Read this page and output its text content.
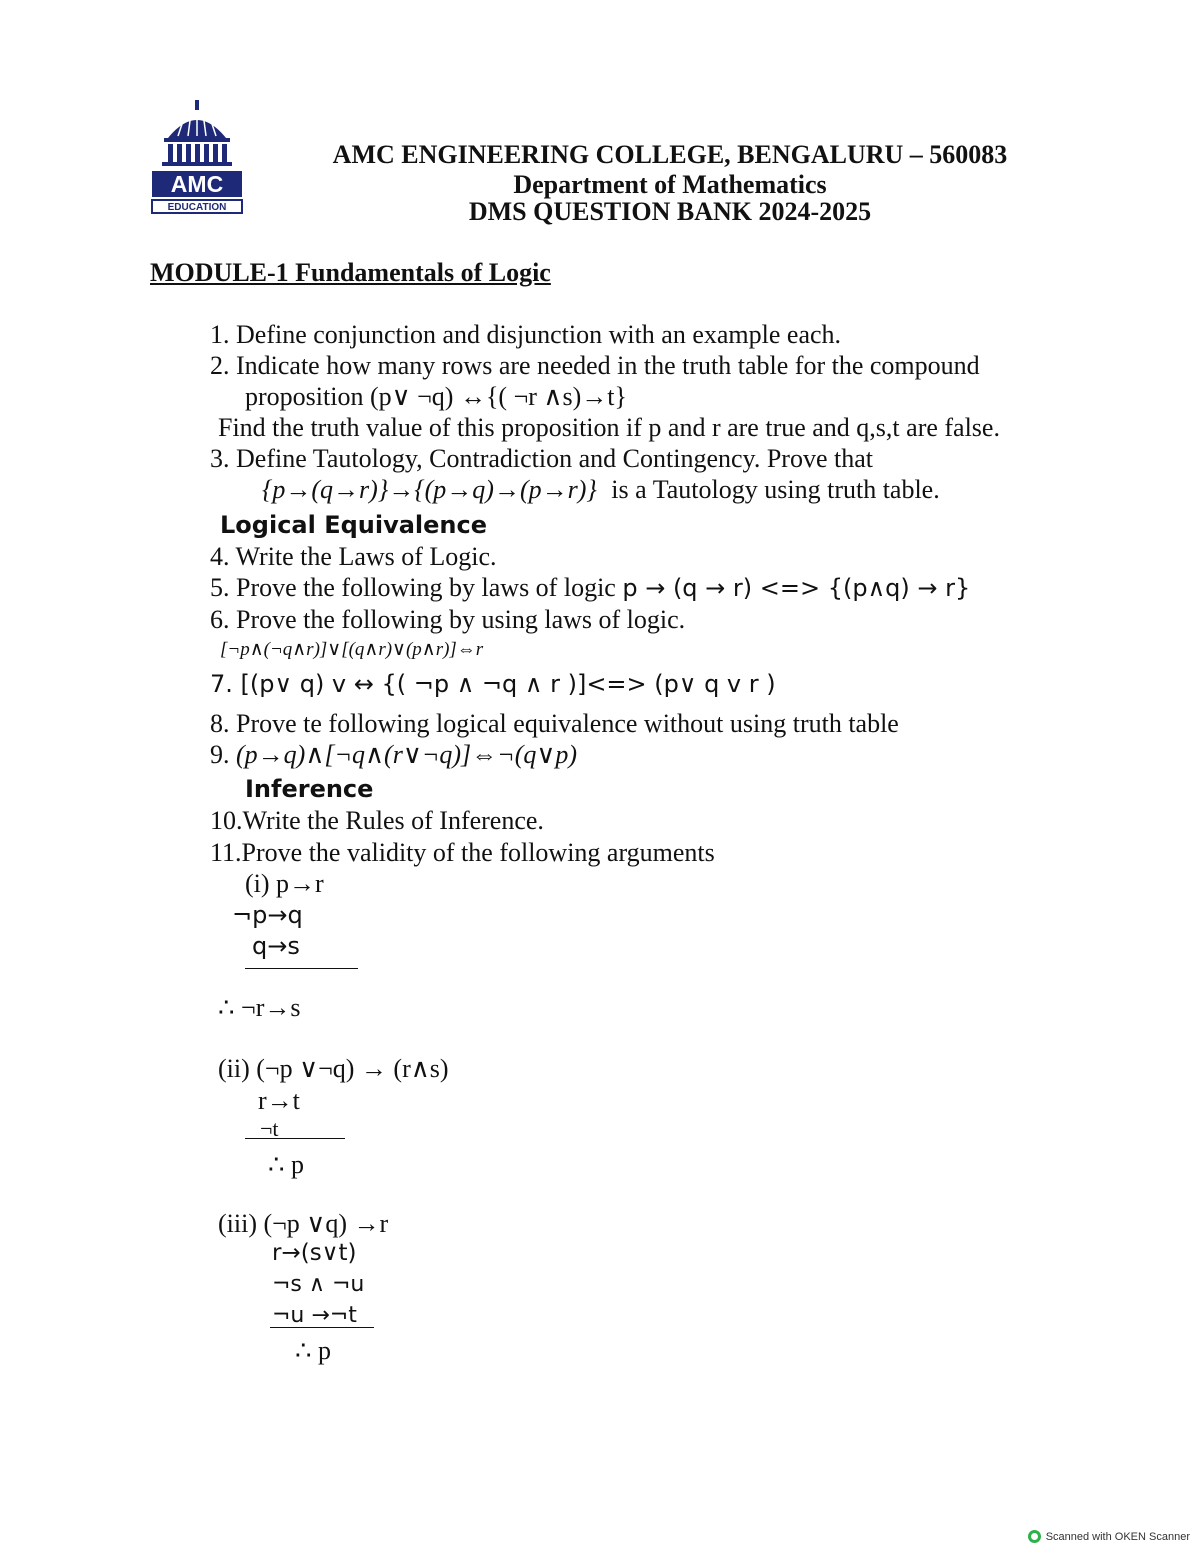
AMC
EDUCATION
AMC ENGINEERING COLLEGE, BENGALURU – 560083
Department of Mathematics
DMS QUESTION BANK 2024-2025
MODULE-1 Fundamentals of Logic
1. Define conjunction and disjunction with an example each.
2. Indicate how many rows are needed in the truth table for the compound
proposition (p∨ ¬q) ↔{( ¬r ∧s)→t}
Find the truth value of this proposition if p and r are true and q,s,t are false.
3. Define Tautology, Contradiction and Contingency. Prove that
{p→(q→r)}→{(p→q)→(p→r)} is a Tautology using truth table.
Logical Equivalence
4. Write the Laws of Logic.
5. Prove the following by laws of logic p → (q → r) <=> {(p∧q) → r}
6. Prove the following by using laws of logic.
[¬p∧(¬q∧r)]∨[(q∧r)∨(p∧r)]⇔r
7. [(p∨ q) v ↔ {( ¬p ∧ ¬q ∧ r )]<=> (p∨ q v r )
8. Prove te following logical equivalence without using truth table
9. (p→q)∧[¬q∧(r∨¬q)]⇔¬(q∨p)
Inference
10.Write the Rules of Inference.
11.Prove the validity of the following arguments
(i) p→r
¬p→q
q→s
∴ ¬r→s
(ii) (¬p ∨¬q) → (r∧s)
r→t
¬t
∴ p
(iii) (¬p ∨q) →r
r→(s∨t)
¬s ∧ ¬u
¬u →¬t
∴ p
Scanned with OKEN Scanner
